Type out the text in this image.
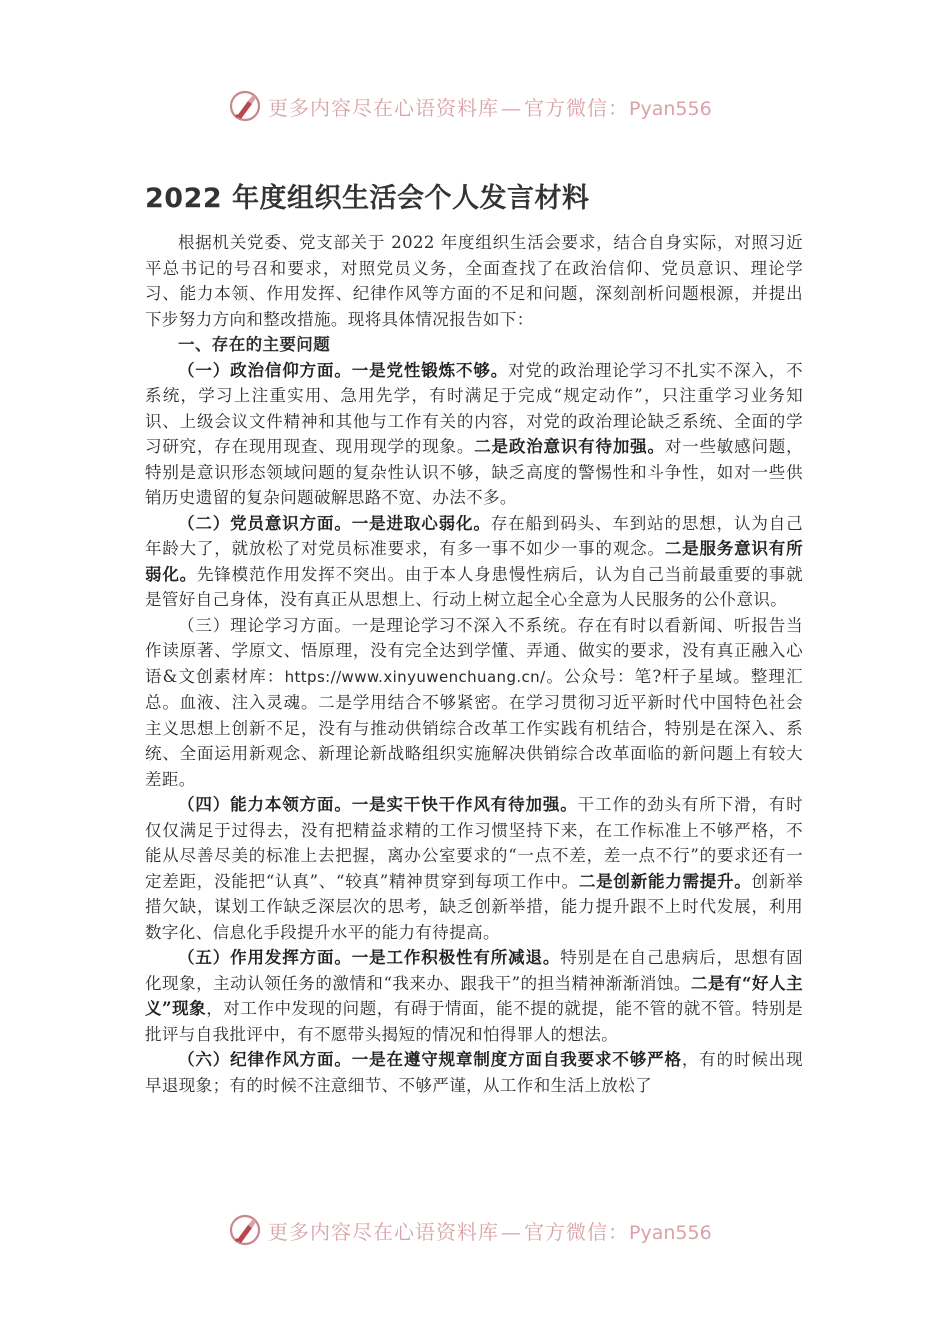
更多内容尽在心语资料库 — 官方微信：Pyan556
2022 年度组织生活会个人发言材料

根据机关党委、党支部关于 2022 年度组织生活会要求，结合自身实际，对照习近平总书记的号召和要求，对照党员义务，全面查找了在政治信仰、党员意识、理论学习、能力本领、作用发挥、纪律作风等方面的不足和问题，深刻剖析问题根源，并提出下步努力方向和整改措施。现将具体情况报告如下：

一、存在的主要问题

（一）政治信仰方面。一是党性锻炼不够。对党的政治理论学习不扎实不深入，不系统，学习上注重实用、急用先学，有时满足于完成“规定动作”，只注重学习业务知识、上级会议文件精神和其他与工作有关的内容，对党的政治理论缺乏系统、全面的学习研究，存在现用现查、现用现学的现象。二是政治意识有待加强。对一些敏感问题，特别是意识形态领域问题的复杂性认识不够，缺乏高度的警惕性和斗争性，如对一些供销历史遗留的复杂问题破解思路不宽、办法不多。

（二）党员意识方面。一是进取心弱化。存在船到码头、车到站的思想，认为自己年龄大了，就放松了对党员标准要求，有多一事不如少一事的观念。二是服务意识有所弱化。先锋模范作用发挥不突出。由于本人身患慢性病后，认为自己当前最重要的事就是管好自己身体，没有真正从思想上、行动上树立起全心全意为人民服务的公仆意识。

（三）理论学习方面。一是理论学习不深入不系统。存在有时以看新闻、听报告当作读原著、学原文、悟原理，没有完全达到学懂、弄通、做实的要求，没有真正融入心语&文创素材库：https://www.xinyuwenchuang.cn/。公众号：笔?杆子星域。整理汇总。血液、注入灵魂。二是学用结合不够紧密。在学习贯彻习近平新时代中国特色社会主义思想上创新不足，没有与推动供销综合改革工作实践有机结合，特别是在深入、系统、全面运用新观念、新理论新战略组织实施解决供销综合改革面临的新问题上有较大差距。

（四）能力本领方面。一是实干快干作风有待加强。干工作的劲头有所下滑，有时仅仅满足于过得去，没有把精益求精的工作习惯坚持下来，在工作标准上不够严格，不能从尽善尽美的标准上去把握，离办公室要求的“一点不差，差一点不行”的要求还有一定差距，没能把“认真”、“较真”精神贯穿到每项工作中。二是创新能力需提升。创新举措欠缺，谋划工作缺乏深层次的思考，缺乏创新举措，能力提升跟不上时代发展，利用数字化、信息化手段提升水平的能力有待提高。

（五）作用发挥方面。一是工作积极性有所减退。特别是在自己患病后，思想有固化现象，主动认领任务的激情和“我来办、跟我干”的担当精神渐渐消蚀。二是有“好人主义”现象，对工作中发现的问题，有碍于情面，能不提的就提，能不管的就不管。特别是批评与自我批评中，有不愿带头揭短的情况和怕得罪人的想法。

（六）纪律作风方面。一是在遵守规章制度方面自我要求不够严格，有的时候出现早退现象；有的时候不注意细节、不够严谨，从工作和生活上放松了

更多内容尽在心语资料库 — 官方微信：Pyan556
